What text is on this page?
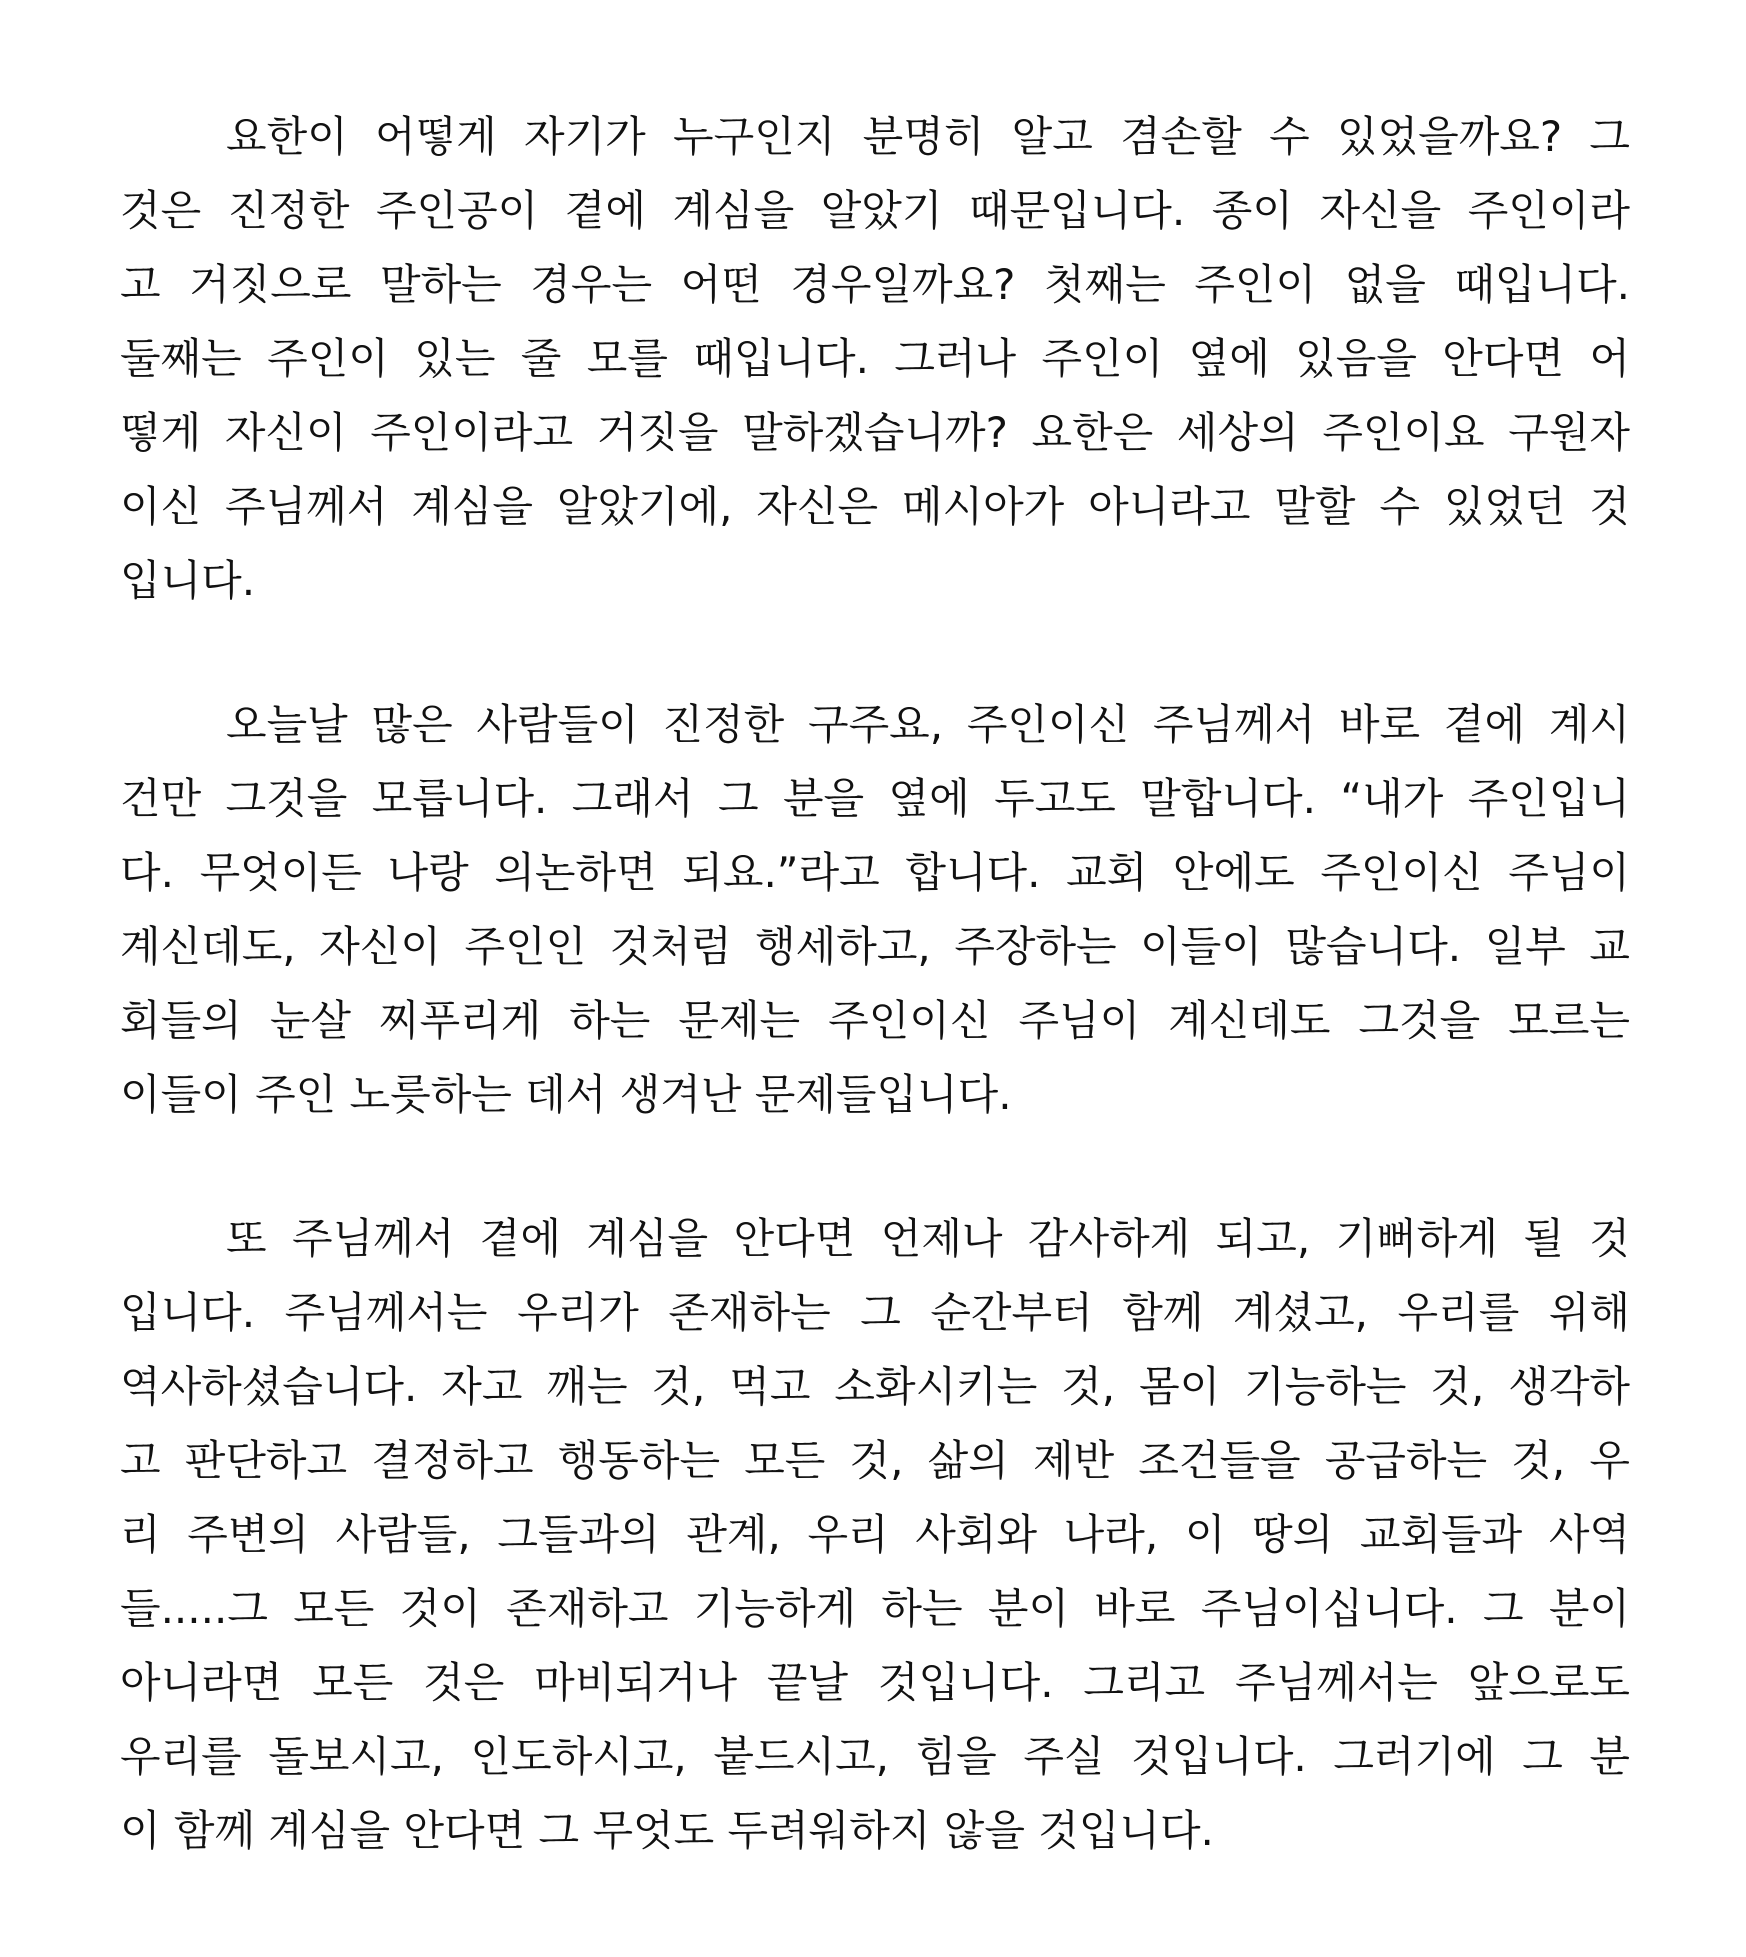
요한이 어떻게 자기가 누구인지 분명히 알고 겸손할 수 있었을까요? 그
것은 진정한 주인공이 곁에 계심을 알았기 때문입니다. 종이 자신을 주인이라
고 거짓으로 말하는 경우는 어떤 경우일까요? 첫째는 주인이 없을 때입니다.
둘째는 주인이 있는 줄 모를 때입니다. 그러나 주인이 옆에 있음을 안다면 어
떻게 자신이 주인이라고 거짓을 말하겠습니까? 요한은 세상의 주인이요 구원자
이신 주님께서 계심을 알았기에, 자신은 메시아가 아니라고 말할 수 있었던 것
입니다.

오늘날 많은 사람들이 진정한 구주요, 주인이신 주님께서 바로 곁에 계시
건만 그것을 모릅니다. 그래서 그 분을 옆에 두고도 말합니다. “내가 주인입니
다. 무엇이든 나랑 의논하면 되요.”라고 합니다. 교회 안에도 주인이신 주님이
계신데도, 자신이 주인인 것처럼 행세하고, 주장하는 이들이 많습니다. 일부 교
회들의 눈살 찌푸리게 하는 문제는 주인이신 주님이 계신데도 그것을 모르는
이들이 주인 노릇하는 데서 생겨난 문제들입니다.

또 주님께서 곁에 계심을 안다면 언제나 감사하게 되고, 기뻐하게 될 것
입니다. 주님께서는 우리가 존재하는 그 순간부터 함께 계셨고, 우리를 위해
역사하셨습니다. 자고 깨는 것, 먹고 소화시키는 것, 몸이 기능하는 것, 생각하
고 판단하고 결정하고 행동하는 모든 것, 삶의 제반 조건들을 공급하는 것, 우
리 주변의 사람들, 그들과의 관계, 우리 사회와 나라, 이 땅의 교회들과 사역
들.....그 모든 것이 존재하고 기능하게 하는 분이 바로 주님이십니다. 그 분이
아니라면 모든 것은 마비되거나 끝날 것입니다. 그리고 주님께서는 앞으로도
우리를 돌보시고, 인도하시고, 붙드시고, 힘을 주실 것입니다. 그러기에 그 분
이 함께 계심을 안다면 그 무엇도 두려워하지 않을 것입니다.
